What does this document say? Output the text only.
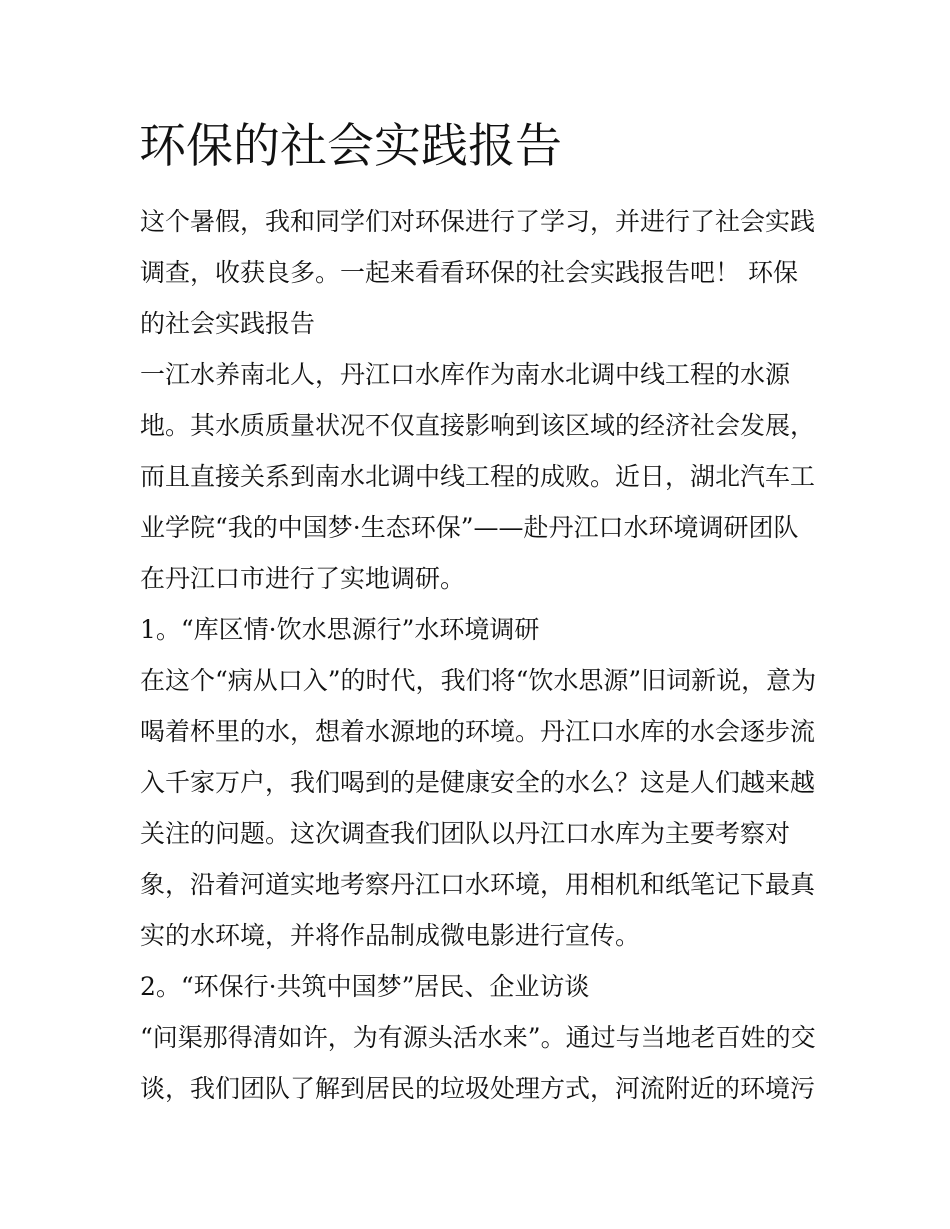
环保的社会实践报告
这个暑假，我和同学们对环保进行了学习，并进行了社会实践
调查，收获良多。一起来看看环保的社会实践报告吧！ 环保
的社会实践报告
一江水养南北人，丹江口水库作为南水北调中线工程的水源
地。其水质质量状况不仅直接影响到该区域的经济社会发展，
而且直接关系到南水北调中线工程的成败。近日，湖北汽车工
业学院“我的中国梦·生态环保”——赴丹江口水环境调研团队
在丹江口市进行了实地调研。
1。“库区情·饮水思源行”水环境调研
在这个“病从口入”的时代，我们将“饮水思源”旧词新说，意为
喝着杯里的水，想着水源地的环境。丹江口水库的水会逐步流
入千家万户，我们喝到的是健康安全的水么？这是人们越来越
关注的问题。这次调查我们团队以丹江口水库为主要考察对
象，沿着河道实地考察丹江口水环境，用相机和纸笔记下最真
实的水环境，并将作品制成微电影进行宣传。
2。“环保行·共筑中国梦”居民、企业访谈
“问渠那得清如许，为有源头活水来”。通过与当地老百姓的交
谈，我们团队了解到居民的垃圾处理方式，河流附近的环境污
